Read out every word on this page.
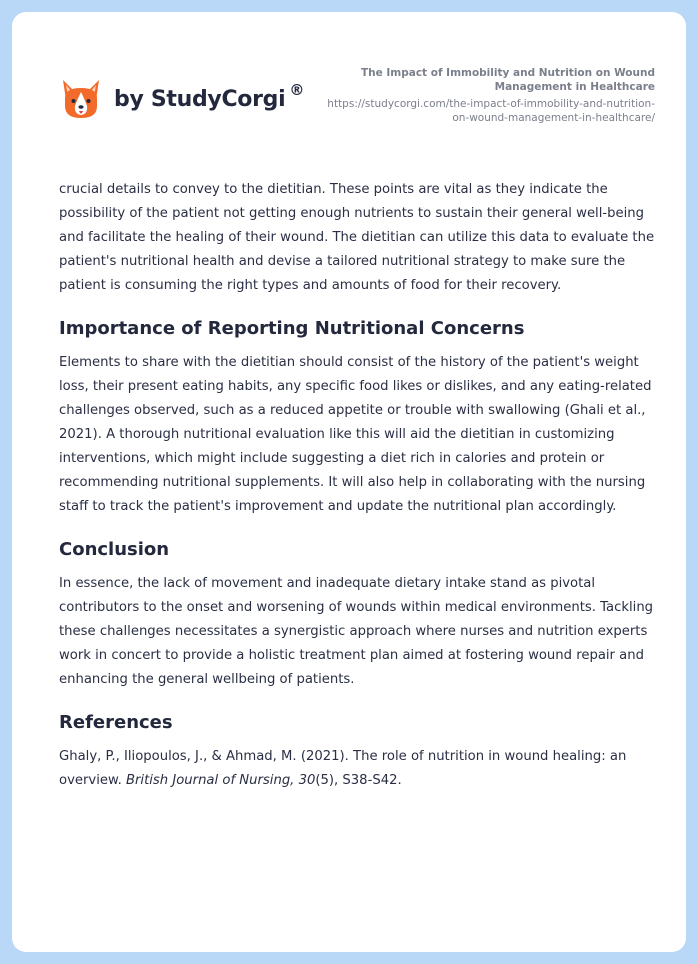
by StudyCorgi ®
The Impact of Immobility and Nutrition on Wound Management in Healthcare
https://studycorgi.com/the-impact-of-immobility-and-nutrition-on-wound-management-in-healthcare/

crucial details to convey to the dietitian. These points are vital as they indicate the possibility of the patient not getting enough nutrients to sustain their general well-being and facilitate the healing of their wound. The dietitian can utilize this data to evaluate the patient's nutritional health and devise a tailored nutritional strategy to make sure the patient is consuming the right types and amounts of food for their recovery.

Importance of Reporting Nutritional Concerns

Elements to share with the dietitian should consist of the history of the patient's weight loss, their present eating habits, any specific food likes or dislikes, and any eating-related challenges observed, such as a reduced appetite or trouble with swallowing (Ghali et al., 2021). A thorough nutritional evaluation like this will aid the dietitian in customizing interventions, which might include suggesting a diet rich in calories and protein or recommending nutritional supplements. It will also help in collaborating with the nursing staff to track the patient's improvement and update the nutritional plan accordingly.

Conclusion

In essence, the lack of movement and inadequate dietary intake stand as pivotal contributors to the onset and worsening of wounds within medical environments. Tackling these challenges necessitates a synergistic approach where nurses and nutrition experts work in concert to provide a holistic treatment plan aimed at fostering wound repair and enhancing the general wellbeing of patients.

References

Ghaly, P., Iliopoulos, J., & Ahmad, M. (2021). The role of nutrition in wound healing: an overview. British Journal of Nursing, 30(5), S38-S42.
